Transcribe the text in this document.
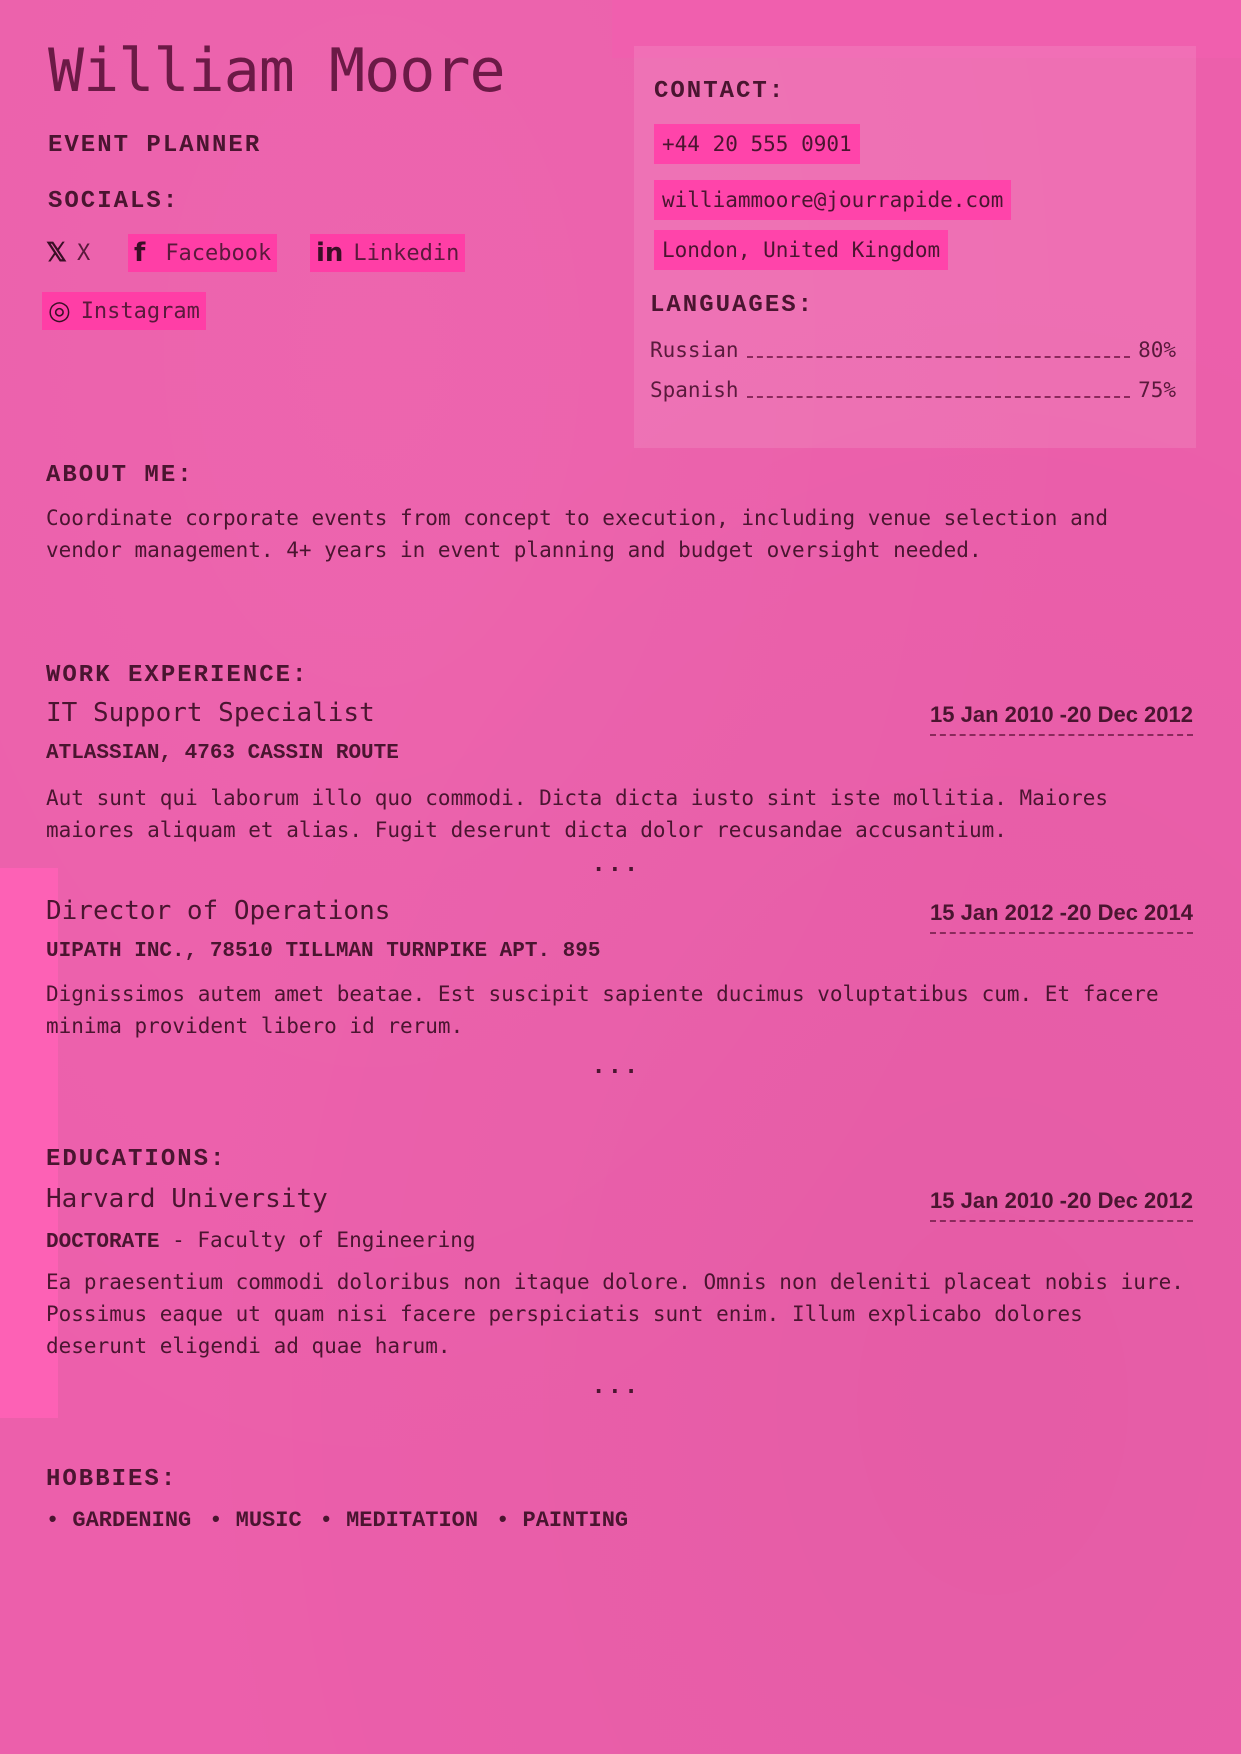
William Moore
EVENT PLANNER
SOCIALS:
𝕏 X f Facebook in Linkedin
◎ Instagram
CONTACT:
+44 20 555 0901
williammoore@jourrapide.com
London, United Kingdom
LANGUAGES:
Russian	80%
Spanish	75%
ABOUT ME:

Coordinate corporate events from concept to execution, including venue selection and vendor management. 4+ years in event planning and budget oversight needed.

WORK EXPERIENCE:
IT Support Specialist	15 Jan 2010 -20 Dec 2012
ATLASSIAN, 4763 CASSIN ROUTE

Aut sunt qui laborum illo quo commodi. Dicta dicta iusto sint iste mollitia. Maiores maiores aliquam et alias. Fugit deserunt dicta dolor recusandae accusantium.

...
Director of Operations	15 Jan 2012 -20 Dec 2014
UIPATH INC., 78510 TILLMAN TURNPIKE APT. 895

Dignissimos autem amet beatae. Est suscipit sapiente ducimus voluptatibus cum. Et facere minima provident libero id rerum.

...
EDUCATIONS:
Harvard University	15 Jan 2010 -20 Dec 2012
DOCTORATE - Faculty of Engineering

Ea praesentium commodi doloribus non itaque dolore. Omnis non deleniti placeat nobis iure. Possimus eaque ut quam nisi facere perspiciatis sunt enim. Illum explicabo dolores deserunt eligendi ad quae harum.

...
HOBBIES:
• GARDENING	• MUSIC	• MEDITATION	• PAINTING
